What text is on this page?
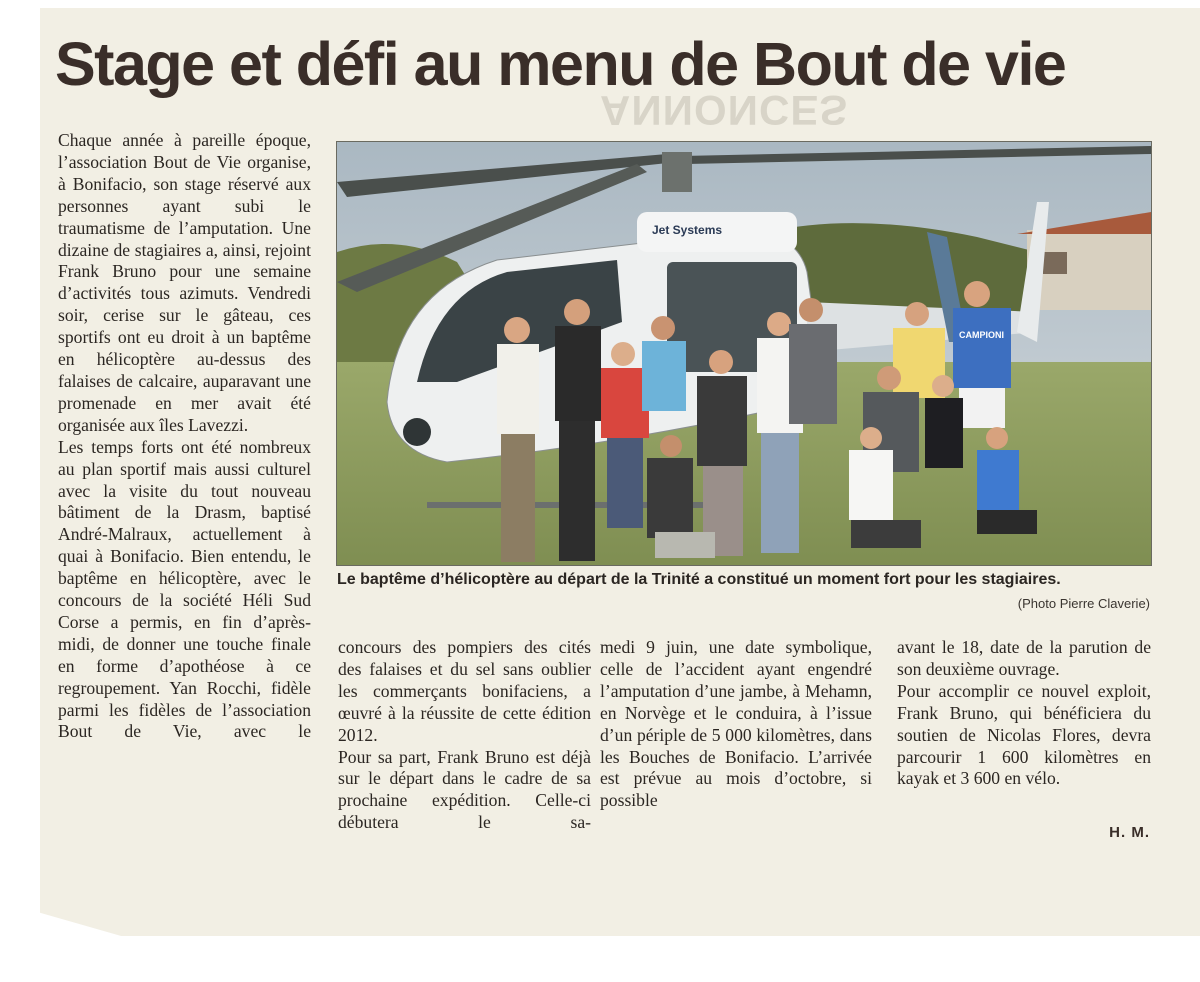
ANNONCES
Stage et défi au menu de Bout de vie

Chaque année à pareille époque, l’association Bout de Vie organise, à Bonifacio, son stage réservé aux personnes ayant subi le traumatisme de l’amputation. Une dizaine de stagiaires a, ainsi, rejoint Frank Bruno pour une semaine d’activités tous azimuts. Vendredi soir, cerise sur le gâteau, ces sportifs ont eu droit à un baptême en hélicoptère au-dessus des falaises de calcaire, auparavant une promenade en mer avait été organisée aux îles Lavezzi.

Les temps forts ont été nombreux au plan sportif mais aussi culturel avec la visite du tout nouveau bâtiment de la Drasm, baptisé André-Malraux, actuellement à quai à Bonifacio. Bien entendu, le baptême en hélicoptère, avec le concours de la société Héli Sud Corse a permis, en fin d’après-midi, de donner une touche finale en forme d’apothéose à ce regroupement. Yan Rocchi, fidèle parmi les fidèles de l’association Bout de Vie, avec le

Jet Systems
CAMPIONI

Le baptême d’hélicoptère au départ de la Trinité a constitué un moment fort pour les stagiaires.

(Photo Pierre Claverie)

concours des pompiers des cités des falaises et du sel sans oublier les commerçants bonifaciens, a œuvré à la réussite de cette édition 2012.

Pour sa part, Frank Bruno est déjà sur le départ dans le cadre de sa prochaine expédition. Celle-ci débutera le sa-

medi 9 juin, une date symbolique, celle de l’accident ayant engendré l’amputation d’une jambe, à Mehamn, en Norvège et le conduira, à l’issue d’un périple de 5 000 kilomètres, dans les Bouches de Bonifacio. L’arrivée est prévue au mois d’octobre, si possible

avant le 18, date de la parution de son deuxième ouvrage.

Pour accomplir ce nouvel exploit, Frank Bruno, qui bénéficiera du soutien de Nicolas Flores, devra parcourir 1 600 kilomètres en kayak et 3 600 en vélo.

H. M.
